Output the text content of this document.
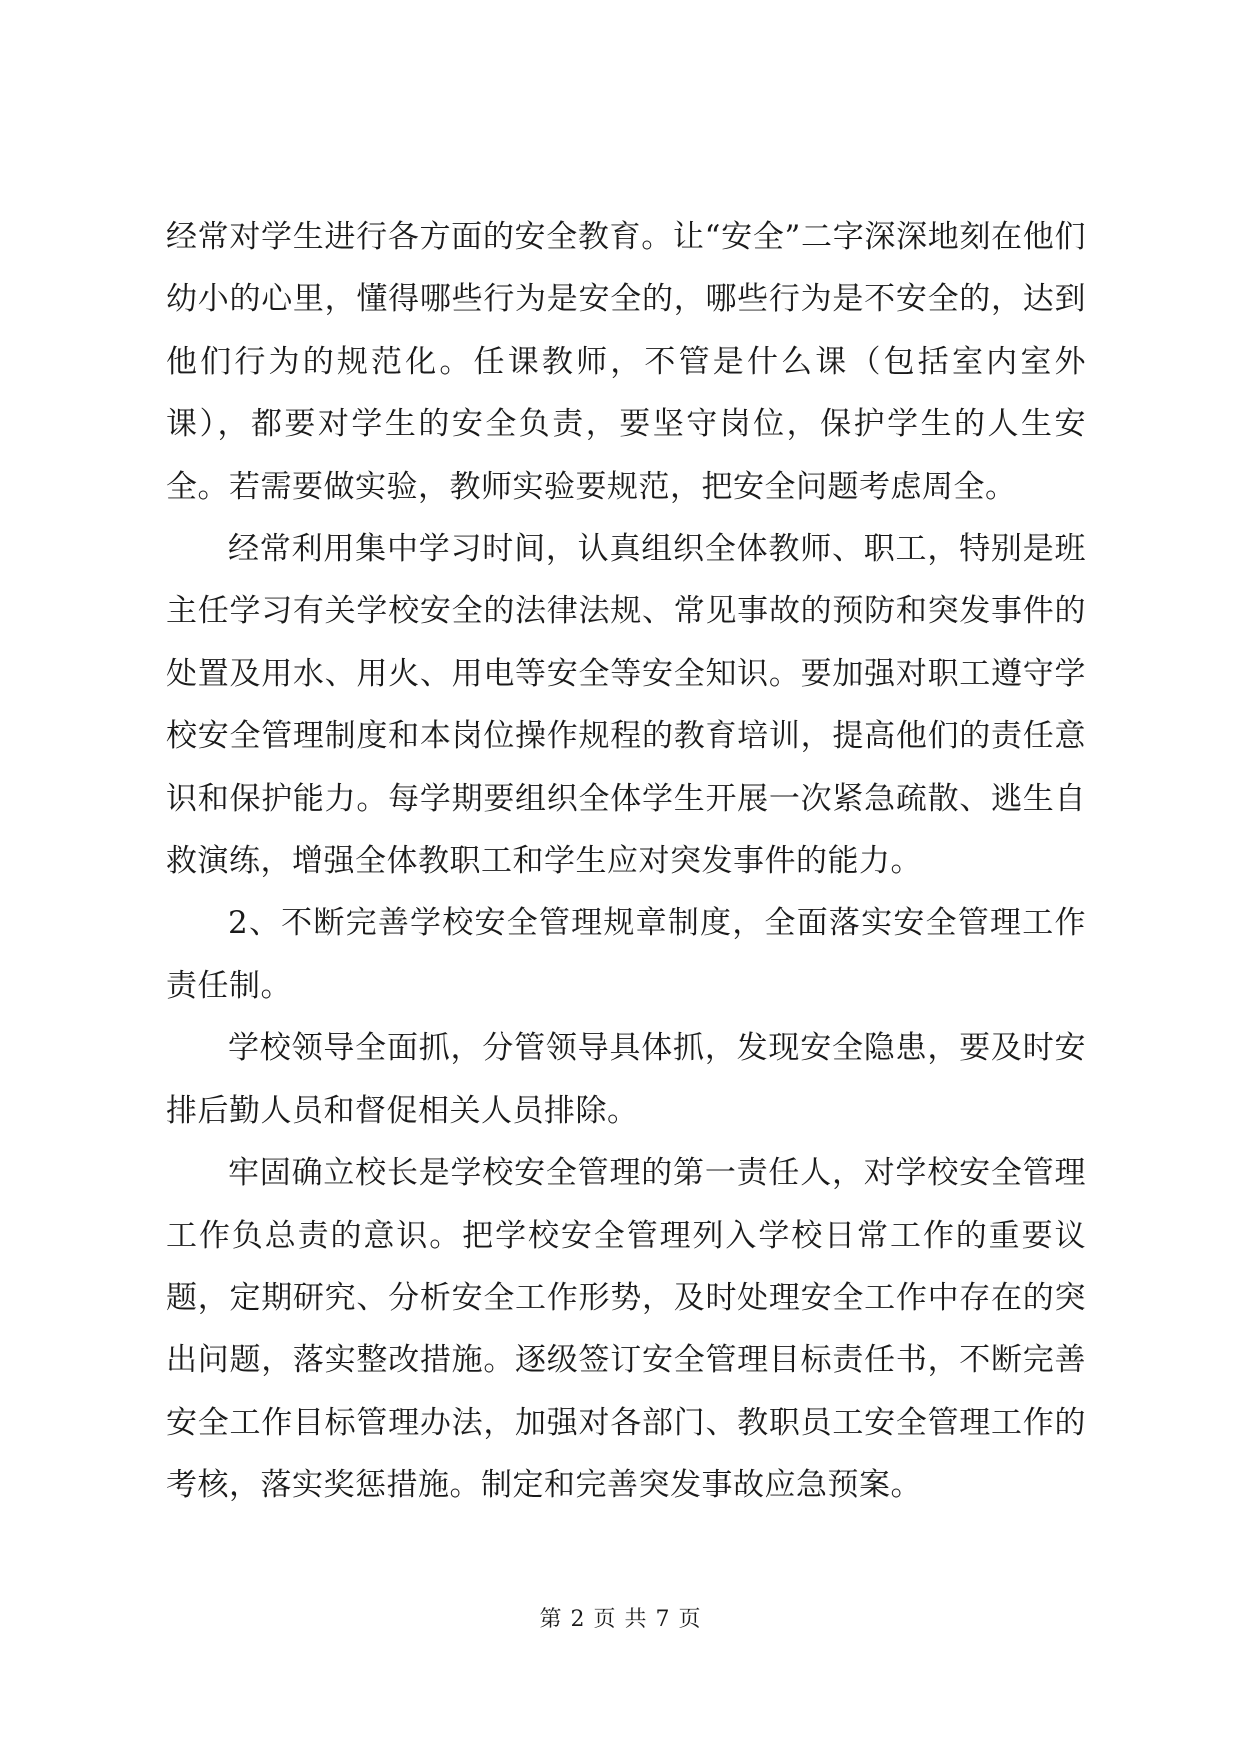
经常对学生进行各方面的安全教育。让“安全”二字深深地刻在他们幼小的心里，懂得哪些行为是安全的，哪些行为是不安全的，达到他们行为的规范化。任课教师，不管是什么课（包括室内室外课），都要对学生的安全负责，要坚守岗位，保护学生的人生安全。若需要做实验，教师实验要规范，把安全问题考虑周全。

经常利用集中学习时间，认真组织全体教师、职工，特别是班主任学习有关学校安全的法律法规、常见事故的预防和突发事件的处置及用水、用火、用电等安全等安全知识。要加强对职工遵守学校安全管理制度和本岗位操作规程的教育培训，提高他们的责任意识和保护能力。每学期要组织全体学生开展一次紧急疏散、逃生自救演练，增强全体教职工和学生应对突发事件的能力。

2、不断完善学校安全管理规章制度，全面落实安全管理工作责任制。

学校领导全面抓，分管领导具体抓，发现安全隐患，要及时安排后勤人员和督促相关人员排除。

牢固确立校长是学校安全管理的第一责任人，对学校安全管理工作负总责的意识。把学校安全管理列入学校日常工作的重要议题，定期研究、分析安全工作形势，及时处理安全工作中存在的突出问题，落实整改措施。逐级签订安全管理目标责任书，不断完善安全工作目标管理办法，加强对各部门、教职员工安全管理工作的考核，落实奖惩措施。制定和完善突发事故应急预案。

第 2 页 共 7 页
